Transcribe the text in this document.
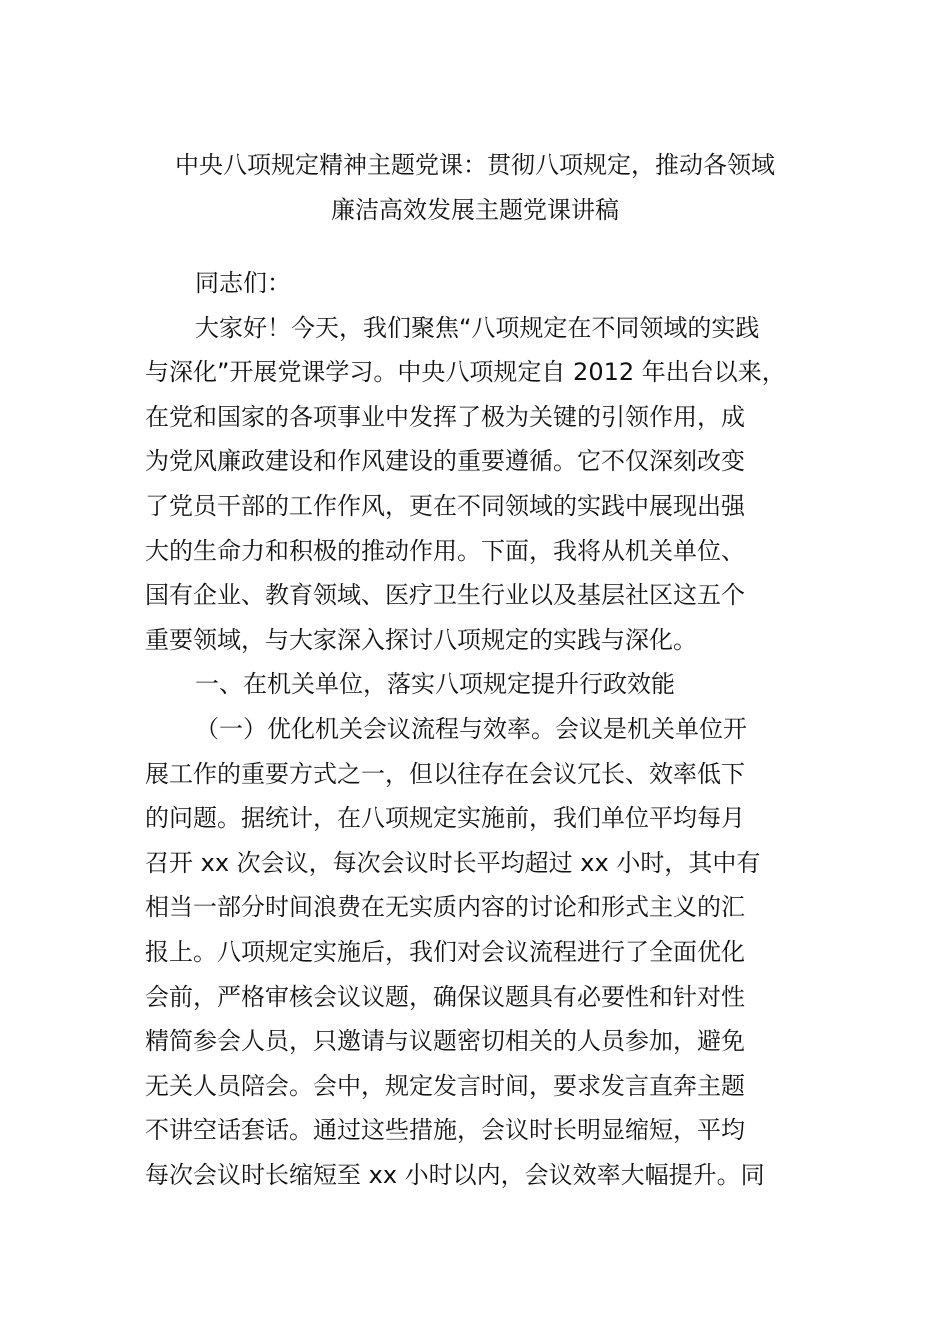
中央八项规定精神主题党课：贯彻八项规定，推动各领域
廉洁高效发展主题党课讲稿
同志们：
大家好！今天，我们聚焦“八项规定在不同领域的实践
与深化”开展党课学习。中央八项规定自 2012 年出台以来，
在党和国家的各项事业中发挥了极为关键的引领作用，成
为党风廉政建设和作风建设的重要遵循。它不仅深刻改变
了党员干部的工作作风，更在不同领域的实践中展现出强
大的生命力和积极的推动作用。下面，我将从机关单位、
国有企业、教育领域、医疗卫生行业以及基层社区这五个
重要领域，与大家深入探讨八项规定的实践与深化。
一、在机关单位，落实八项规定提升行政效能
（一）优化机关会议流程与效率。会议是机关单位开
展工作的重要方式之一，但以往存在会议冗长、效率低下
的问题。据统计，在八项规定实施前，我们单位平均每月
召开 xx 次会议，每次会议时长平均超过 xx 小时，其中有
相当一部分时间浪费在无实质内容的讨论和形式主义的汇
报上。八项规定实施后，我们对会议流程进行了全面优化
会前，严格审核会议议题，确保议题具有必要性和针对性
精简参会人员，只邀请与议题密切相关的人员参加，避免
无关人员陪会。会中，规定发言时间，要求发言直奔主题
不讲空话套话。通过这些措施，会议时长明显缩短，平均
每次会议时长缩短至 xx 小时以内，会议效率大幅提升。同
